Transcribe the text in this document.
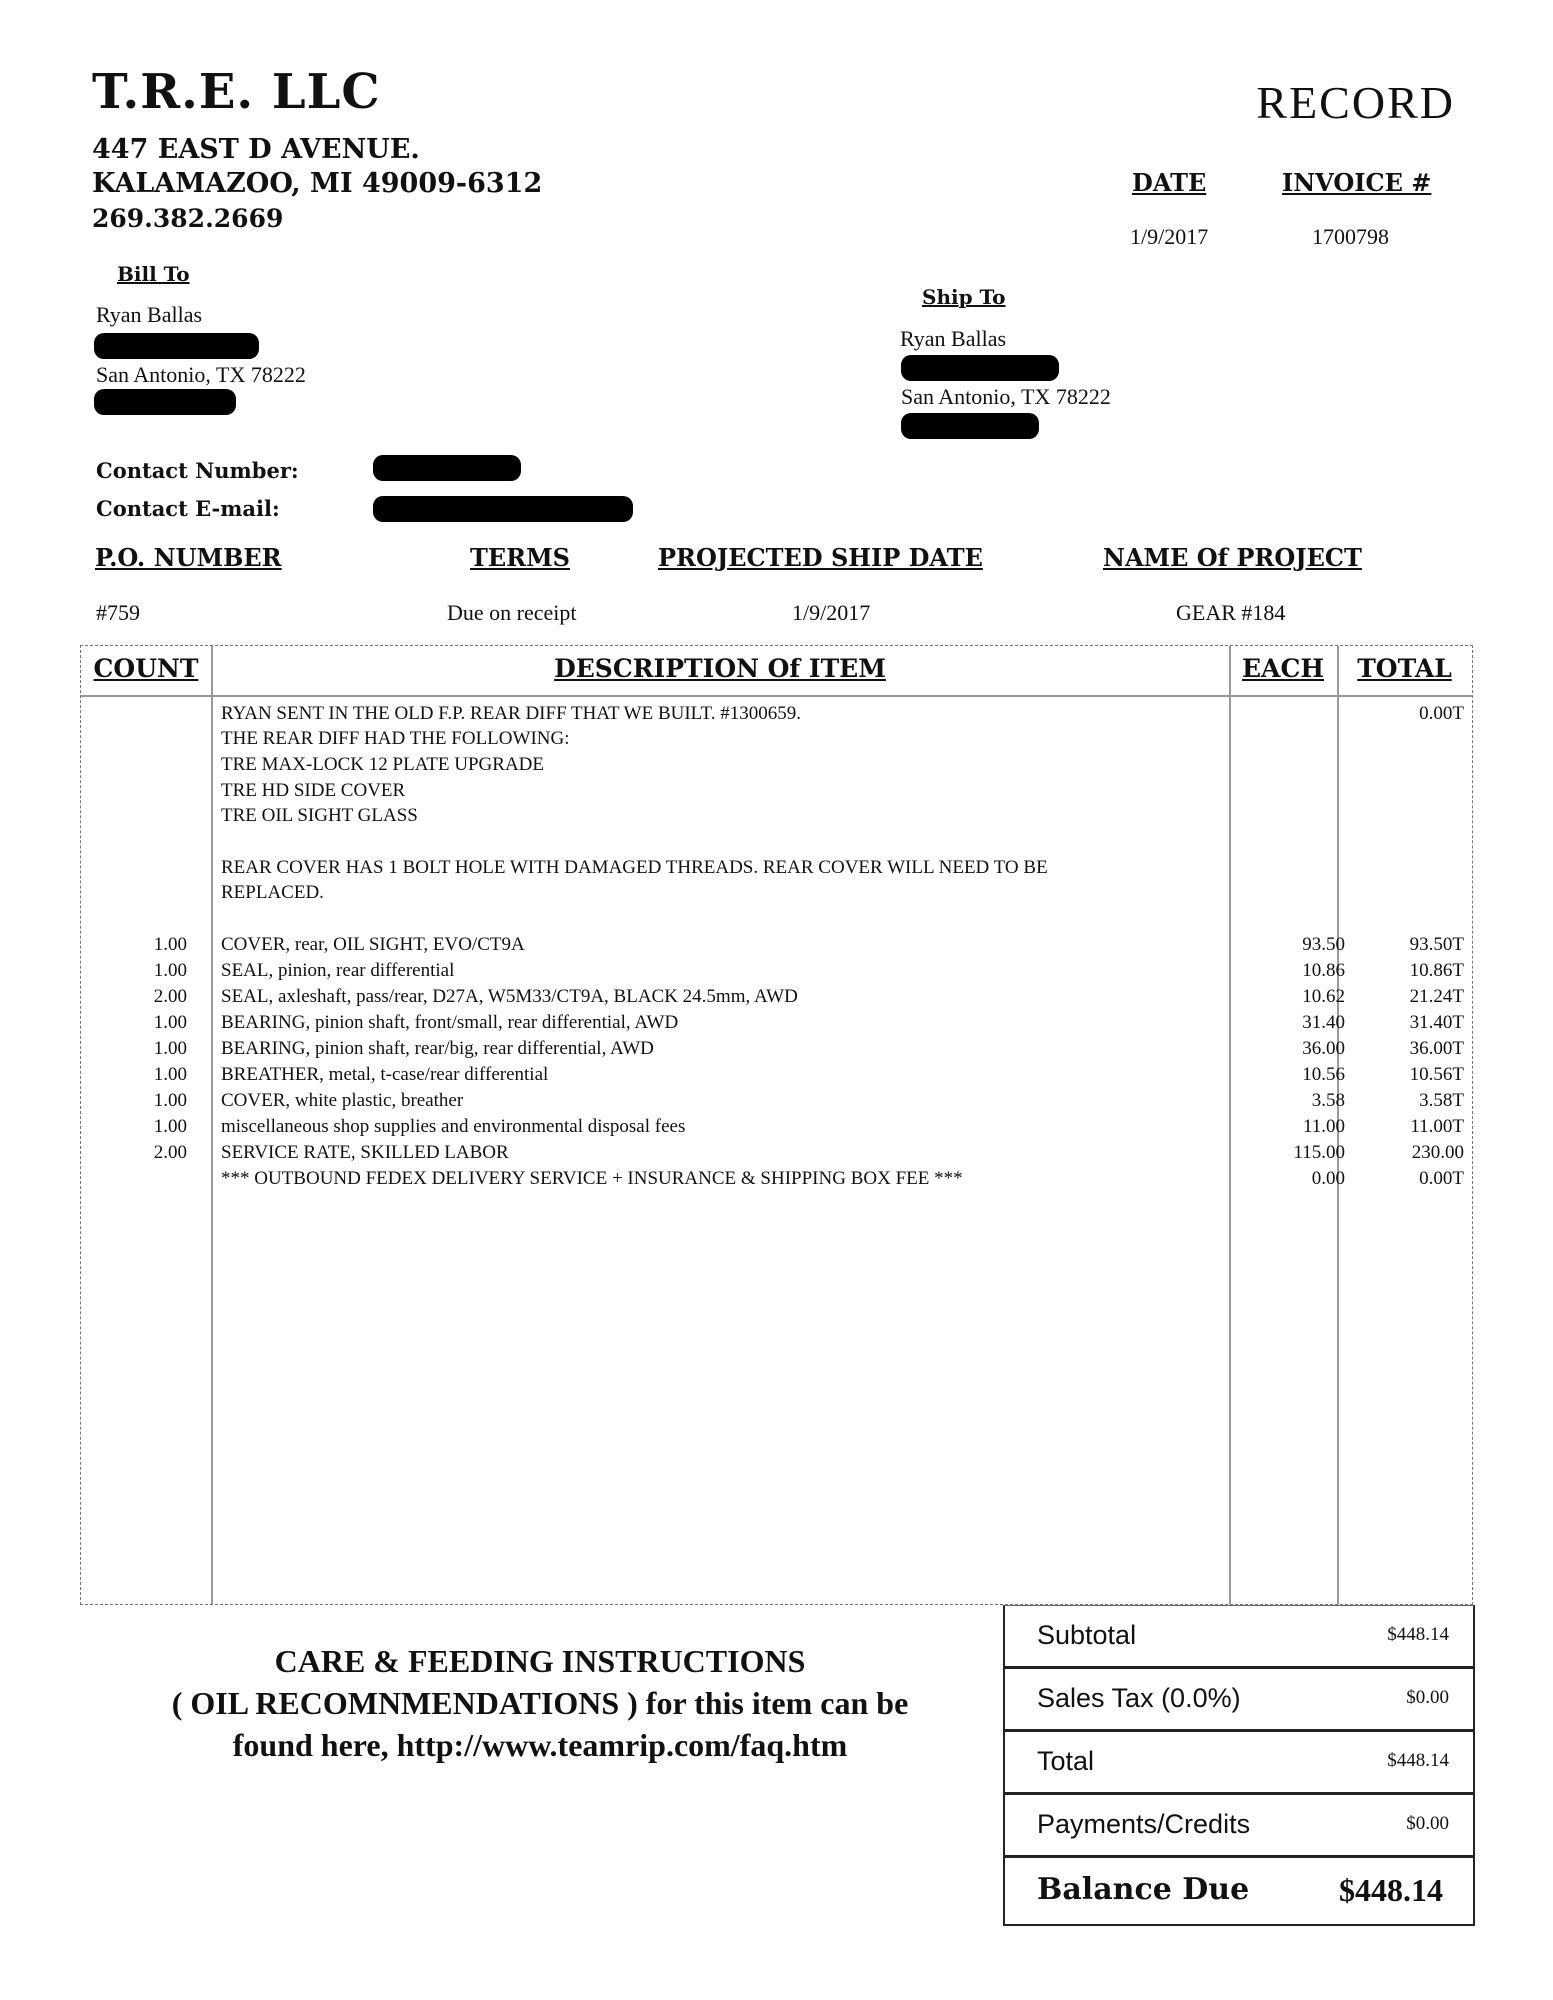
T.R.E. LLC
447 EAST D AVENUE.
KALAMAZOO, MI 49009-6312
269.382.2669
RECORD
DATE	INVOICE #
1/9/2017	1700798
Bill To
Ryan Ballas
San Antonio, TX 78222
Ship To
Ryan Ballas
San Antonio, TX 78222
Contact Number:
Contact E-mail:
P.O. NUMBER	TERMS	PROJECTED SHIP DATE	NAME Of PROJECT
#759	Due on receipt	1/9/2017	GEAR #184
COUNT	DESCRIPTION Of ITEM	EACH	TOTAL
RYAN SENT IN THE OLD F.P. REAR DIFF THAT WE BUILT. #1300659.
THE REAR DIFF HAD THE FOLLOWING:
TRE MAX-LOCK 12 PLATE UPGRADE
TRE HD SIDE COVER
TRE OIL SIGHT GLASS
REAR COVER HAS 1 BOLT HOLE WITH DAMAGED THREADS. REAR COVER WILL NEED TO BE
REPLACED.
0.00T
1.00 COVER, rear, OIL SIGHT, EVO/CT9A	93.50	93.50T
1.00 SEAL, pinion, rear differential	10.86	10.86T
2.00 SEAL, axleshaft, pass/rear, D27A, W5M33/CT9A, BLACK 24.5mm, AWD	10.62	21.24T
1.00 BEARING, pinion shaft, front/small, rear differential, AWD	31.40	31.40T
1.00 BEARING, pinion shaft, rear/big, rear differential, AWD	36.00	36.00T
1.00 BREATHER, metal, t-case/rear differential	10.56	10.56T
1.00 COVER, white plastic, breather	3.58	3.58T
1.00 miscellaneous shop supplies and environmental disposal fees	11.00	11.00T
2.00 SERVICE RATE, SKILLED LABOR	115.00	230.00
*** OUTBOUND FEDEX DELIVERY SERVICE + INSURANCE & SHIPPING BOX FEE ***	0.00	0.00T
CARE & FEEDING INSTRUCTIONS
( OIL RECOMNMENDATIONS ) for this item can be
found here, http://www.teamrip.com/faq.htm
Subtotal	$448.14
Sales Tax (0.0%)	$0.00
Total	$448.14
Payments/Credits	$0.00
Balance Due	$448.14
